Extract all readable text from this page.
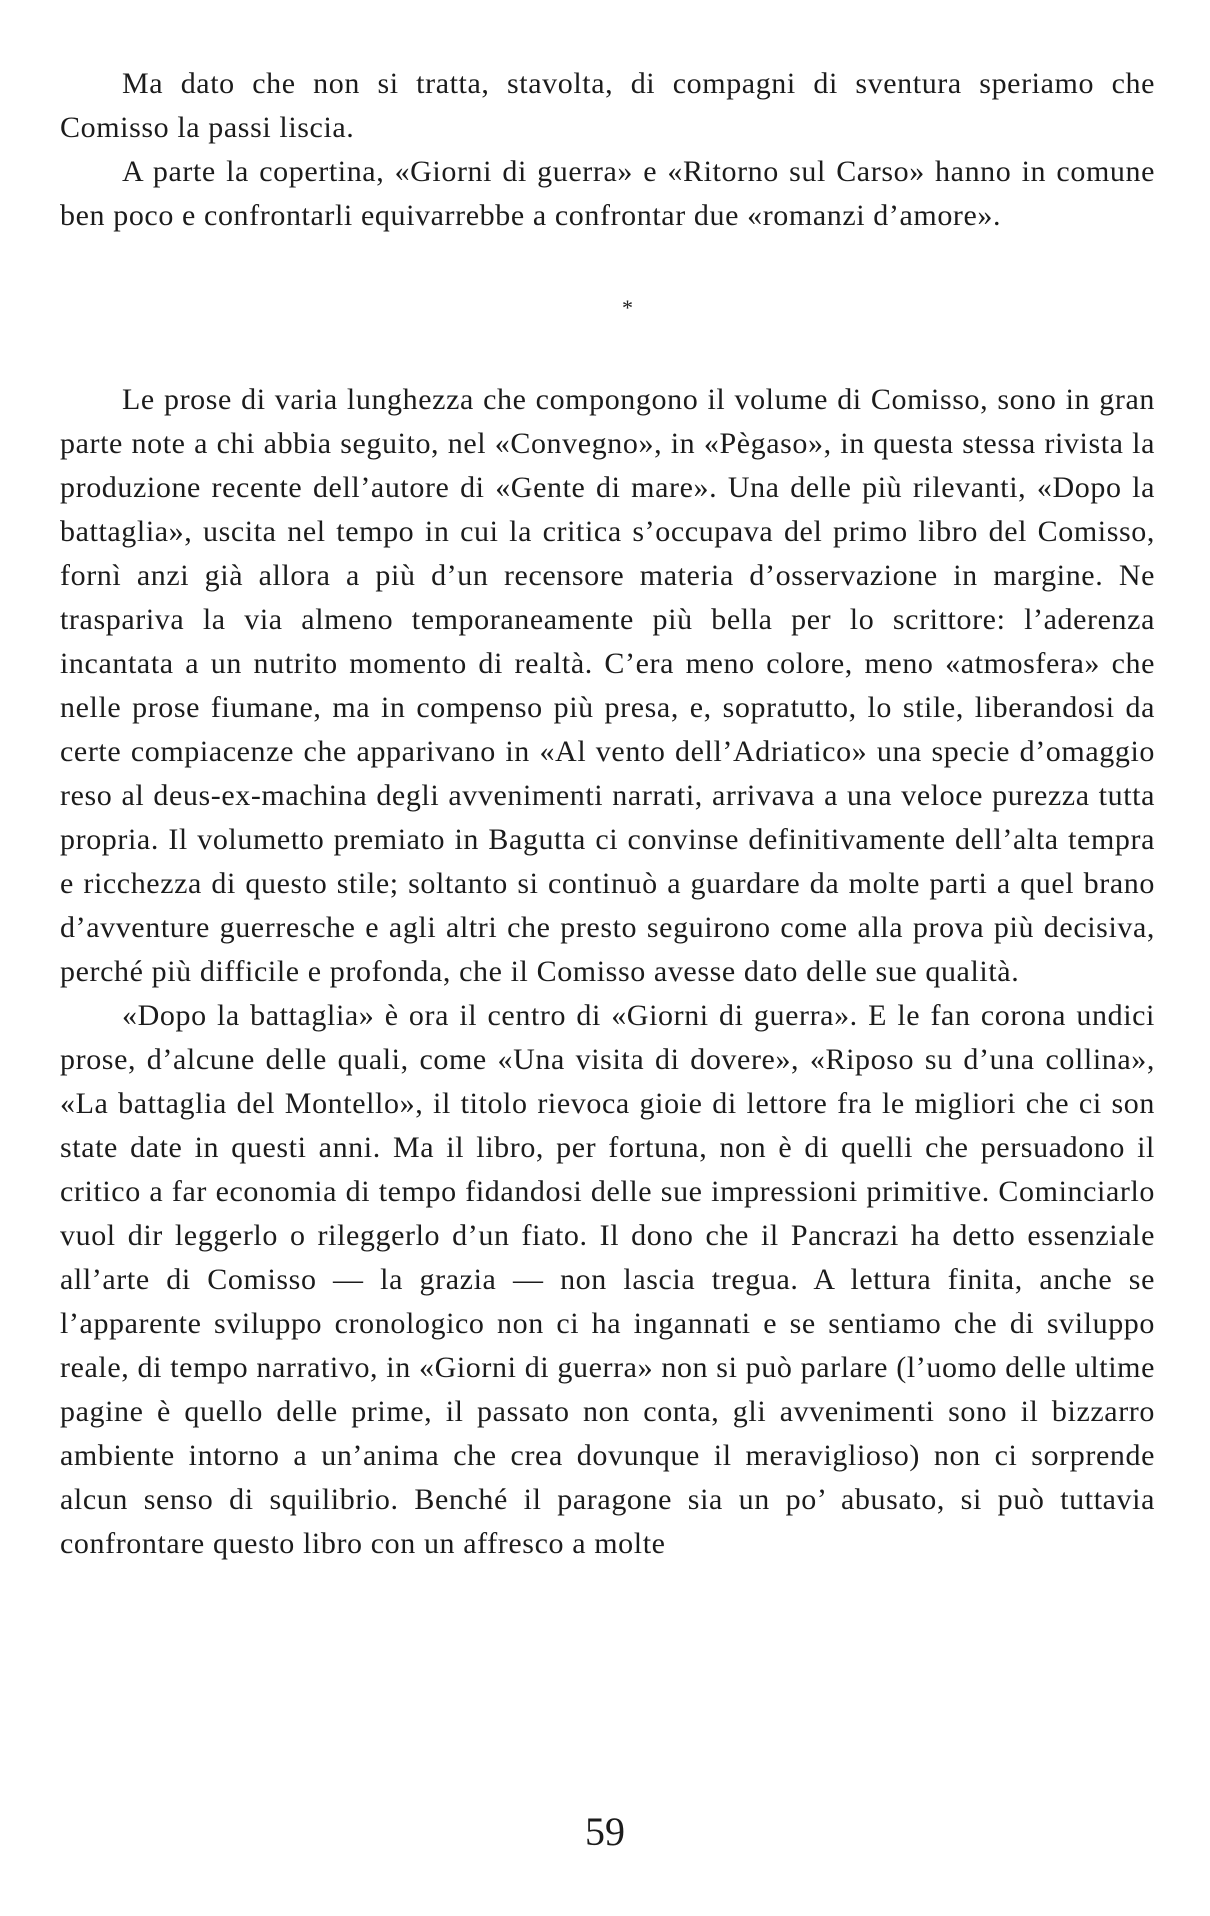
Ma dato che non si tratta, stavolta, di compagni di sventura speriamo che Comisso la passi liscia.

A parte la copertina, «Giorni di guerra» e «Ritorno sul Carso» hanno in comune ben poco e confrontarli equivarrebbe a confrontar due «romanzi d’amore».

*

Le prose di varia lunghezza che compongono il volume di Comisso, sono in gran parte note a chi abbia seguito, nel «Convegno», in «Pègaso», in questa stessa rivista la produzione recente dell’autore di «Gente di mare». Una delle più rilevanti, «Dopo la battaglia», uscita nel tempo in cui la critica s’occupava del primo libro del Comisso, fornì anzi già allora a più d’un recensore materia d’osservazione in margine. Ne traspariva la via almeno temporaneamente più bella per lo scrittore: l’aderenza incantata a un nutrito momento di realtà. C’era meno colore, meno «atmosfera» che nelle prose fiumane, ma in compenso più presa, e, sopratutto, lo stile, liberandosi da certe compiacenze che apparivano in «Al vento dell’Adriatico» una specie d’omaggio reso al deus-ex-machina degli avvenimenti narrati, arrivava a una veloce purezza tutta propria. Il volumetto premiato in Bagutta ci convinse definitivamente dell’alta tempra e ricchezza di questo stile; soltanto si continuò a guardare da molte parti a quel brano d’avventure guerresche e agli altri che presto seguirono come alla prova più decisiva, perché più difficile e profonda, che il Comisso avesse dato delle sue qualità.

«Dopo la battaglia» è ora il centro di «Giorni di guerra». E le fan corona undici prose, d’alcune delle quali, come «Una visita di dovere», «Riposo su d’una collina», «La battaglia del Montello», il titolo rievoca gioie di lettore fra le migliori che ci son state date in questi anni. Ma il libro, per fortuna, non è di quelli che persuadono il critico a far economia di tempo fidandosi delle sue impressioni primitive. Cominciarlo vuol dir leggerlo o rileggerlo d’un fiato. Il dono che il Pancrazi ha detto essenziale all’arte di Comisso — la grazia — non lascia tregua. A lettura finita, anche se l’apparente sviluppo cronologico non ci ha ingannati e se sentiamo che di sviluppo reale, di tempo narrativo, in «Giorni di guerra» non si può parlare (l’uomo delle ultime pagine è quello delle prime, il passato non conta, gli avvenimenti sono il bizzarro ambiente intorno a un’anima che crea dovunque il meraviglioso) non ci sorprende alcun senso di squilibrio. Benché il paragone sia un po’ abusato, si può tuttavia confrontare questo libro con un affresco a molte

59
